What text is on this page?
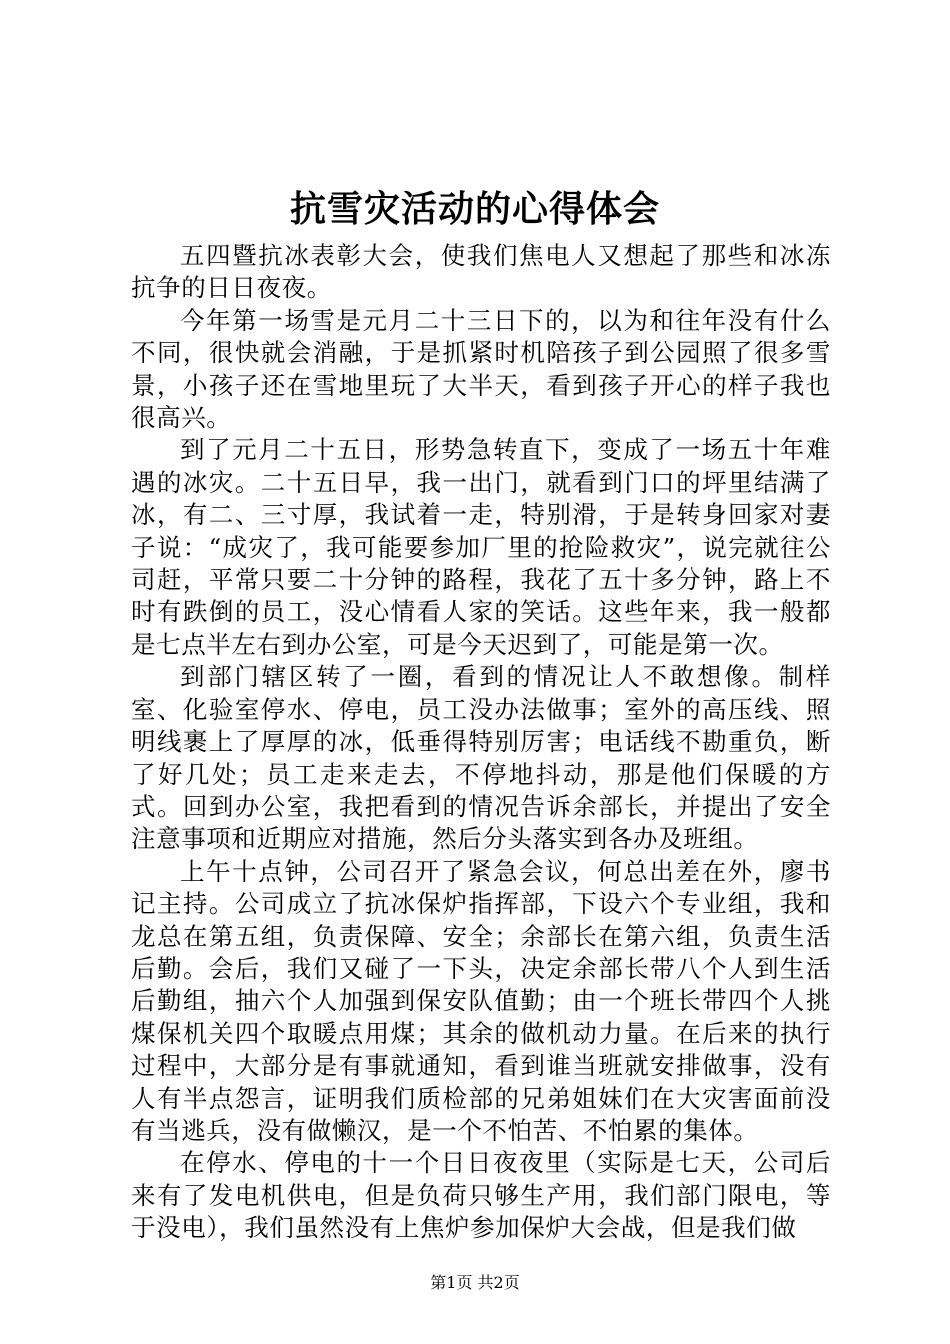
抗雪灾活动的心得体会

五四暨抗冰表彰大会，使我们焦电人又想起了那些和冰冻抗争的日日夜夜。

今年第一场雪是元月二十三日下的，以为和往年没有什么不同，很快就会消融，于是抓紧时机陪孩子到公园照了很多雪景，小孩子还在雪地里玩了大半天，看到孩子开心的样子我也很高兴。

到了元月二十五日，形势急转直下，变成了一场五十年难遇的冰灾。二十五日早，我一出门，就看到门口的坪里结满了冰，有二、三寸厚，我试着一走，特别滑，于是转身回家对妻子说：“成灾了，我可能要参加厂里的抢险救灾”，说完就往公司赶，平常只要二十分钟的路程，我花了五十多分钟，路上不时有跌倒的员工，没心情看人家的笑话。这些年来，我一般都是七点半左右到办公室，可是今天迟到了，可能是第一次。

到部门辖区转了一圈，看到的情况让人不敢想像。制样室、化验室停水、停电，员工没办法做事；室外的高压线、照明线裹上了厚厚的冰，低垂得特别厉害；电话线不勘重负，断了好几处；员工走来走去，不停地抖动，那是他们保暖的方式。回到办公室，我把看到的情况告诉余部长，并提出了安全注意事项和近期应对措施，然后分头落实到各办及班组。

上午十点钟，公司召开了紧急会议，何总出差在外，廖书记主持。公司成立了抗冰保炉指挥部，下设六个专业组，我和龙总在第五组，负责保障、安全；余部长在第六组，负责生活后勤。会后，我们又碰了一下头，决定余部长带八个人到生活后勤组，抽六个人加强到保安队值勤；由一个班长带四个人挑煤保机关四个取暖点用煤；其余的做机动力量。在后来的执行过程中，大部分是有事就通知，看到谁当班就安排做事，没有人有半点怨言，证明我们质检部的兄弟姐妹们在大灾害面前没有当逃兵，没有做懒汉，是一个不怕苦、不怕累的集体。

在停水、停电的十一个日日夜夜里（实际是七天，公司后来有了发电机供电，但是负荷只够生产用，我们部门限电，等于没电），我们虽然没有上焦炉参加保炉大会战，但是我们做

第1页 共2页
